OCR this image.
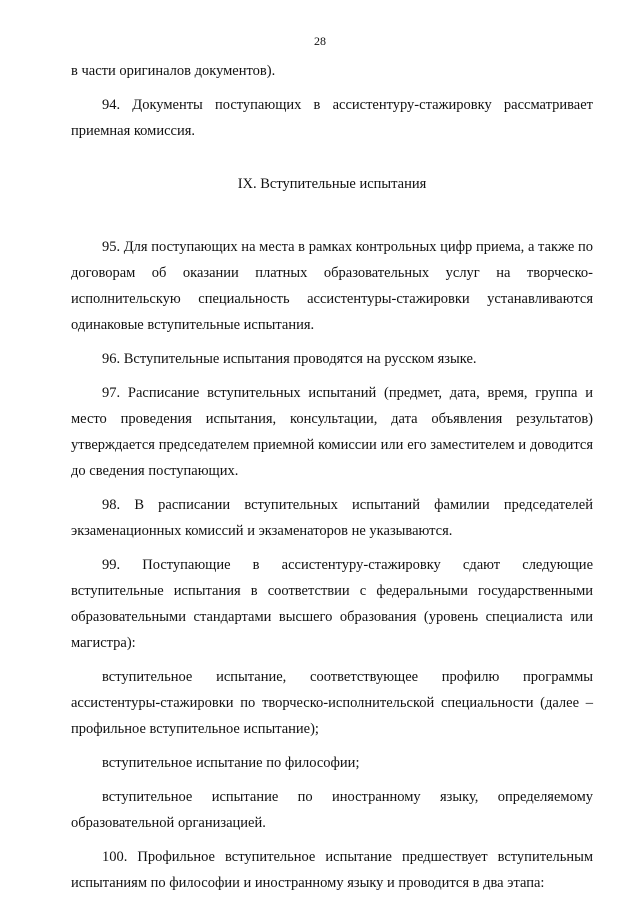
28

в части оригиналов документов).

94. Документы поступающих в ассистентуру-стажировку рассматривает приемная комиссия.

IX. Вступительные испытания

95. Для поступающих на места в рамках контрольных цифр приема, а также по договорам об оказании платных образовательных услуг на творческо-исполнительскую специальность ассистентуры-стажировки устанавливаются одинаковые вступительные испытания.

96. Вступительные испытания проводятся на русском языке.

97. Расписание вступительных испытаний (предмет, дата, время, группа и место проведения испытания, консультации, дата объявления результатов) утверждается председателем приемной комиссии или его заместителем и доводится до сведения поступающих.

98. В расписании вступительных испытаний фамилии председателей экзаменационных комиссий и экзаменаторов не указываются.

99. Поступающие в ассистентуру-стажировку сдают следующие вступительные испытания в соответствии с федеральными государственными образовательными стандартами высшего образования (уровень специалиста или магистра):

вступительное испытание, соответствующее профилю программы ассистентуры-стажировки по творческо-исполнительской специальности (далее – профильное вступительное испытание);

вступительное испытание по философии;

вступительное испытание по иностранному языку, определяемому образовательной организацией.

100. Профильное вступительное испытание предшествует вступительным испытаниям по философии и иностранному языку и проводится в два этапа:
